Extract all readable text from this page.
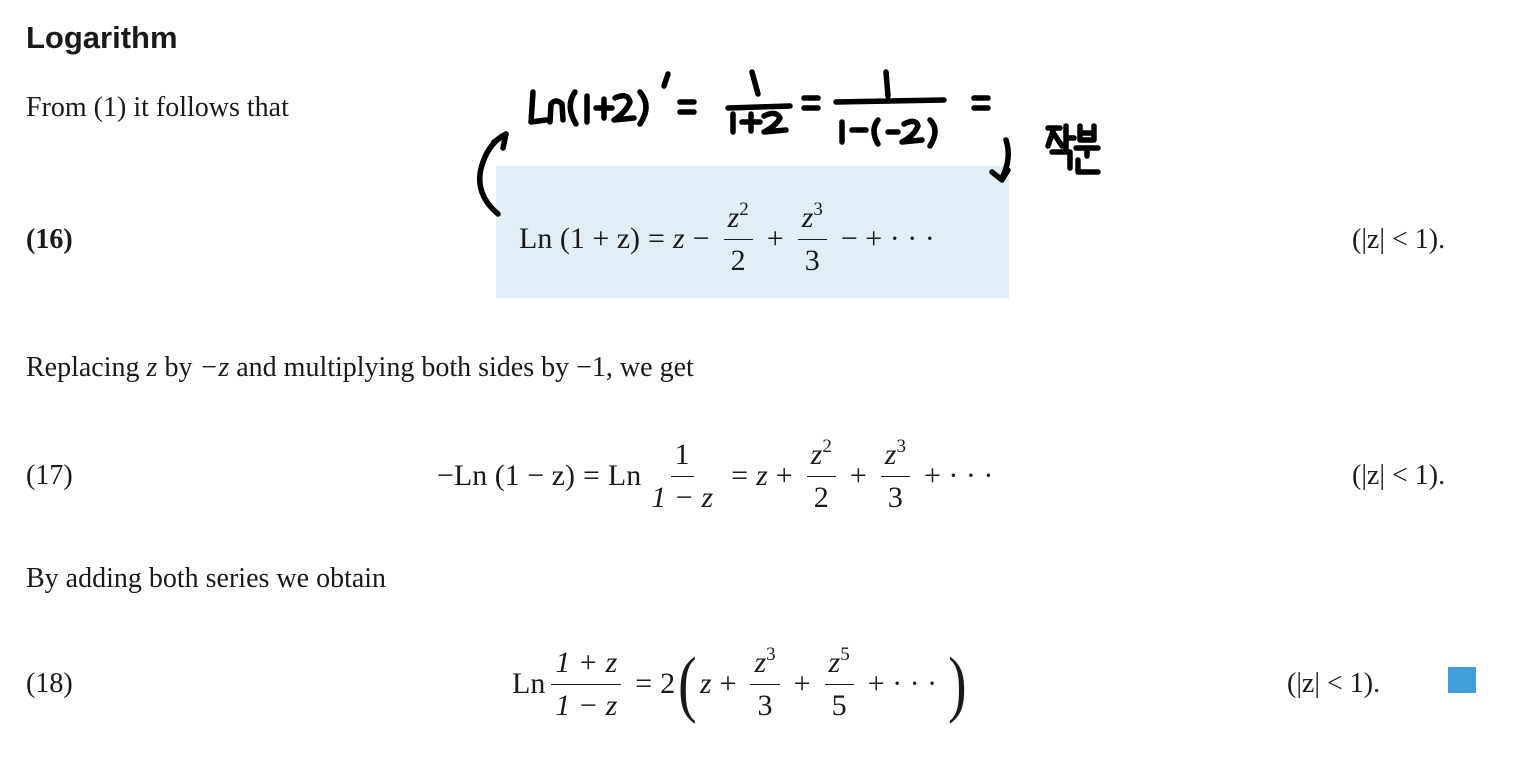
Logarithm
From (1) it follows that
(16)	Ln $(1 + z) = z - \frac{z^2}{2} + \frac{z^3}{3}$ − + · · ·	(|z| < 1).
Replacing z by −z and multiplying both sides by −1, we get
(17)	−Ln (1 − z) = Ln $\frac{1}{1 - z} = z + \frac{z^2}{2} + \frac{z^3}{3}$ + · · ·	(|z| < 1).
By adding both series we obtain
(18)	Ln $\frac{1 + z}{1 - z} = 2$ ( $z + \frac{z^3}{3} + \frac{z^5}{5}$ + · · · )	(|z| < 1).
